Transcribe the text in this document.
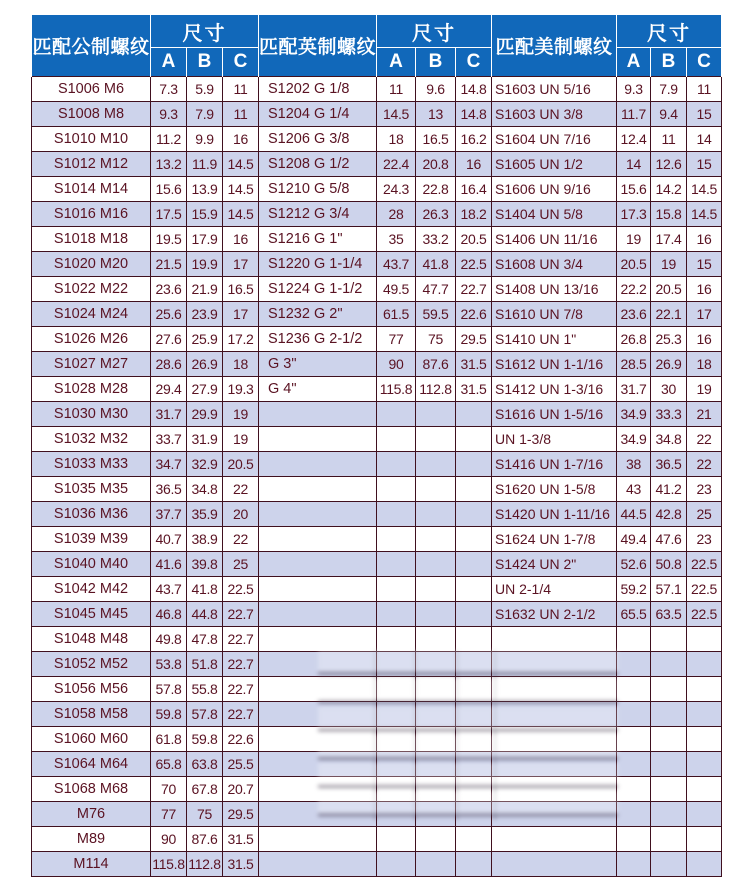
匹配公制螺纹	尺寸			匹配英制螺纹	尺寸			匹配美制螺纹	尺寸		
	A	B	C		A	B	C		A	B	C
S1006 M6	7.3	5.9	11	S1202 G 1/8	11	9.6	14.8	S1603 UN 5/16	9.3	7.9	11
S1008 M8	9.3	7.9	11	S1204 G 1/4	14.5	13	14.8	S1603 UN 3/8	11.7	9.4	15
S1010 M10	11.2	9.9	16	S1206 G 3/8	18	16.5	16.2	S1604 UN 7/16	12.4	11	14
S1012 M12	13.2	11.9	14.5	S1208 G 1/2	22.4	20.8	16	S1605 UN 1/2	14	12.6	15
S1014 M14	15.6	13.9	14.5	S1210 G 5/8	24.3	22.8	16.4	S1606 UN 9/16	15.6	14.2	14.5
S1016 M16	17.5	15.9	14.5	S1212 G 3/4	28	26.3	18.2	S1404 UN 5/8	17.3	15.8	14.5
S1018 M18	19.5	17.9	16	S1216 G 1"	35	33.2	20.5	S1406 UN 11/16	19	17.4	16
S1020 M20	21.5	19.9	17	S1220 G 1-1/4	43.7	41.8	22.5	S1608 UN 3/4	20.5	19	15
S1022 M22	23.6	21.9	16.5	S1224 G 1-1/2	49.5	47.7	22.7	S1408 UN 13/16	22.2	20.5	16
S1024 M24	25.6	23.9	17	S1232 G 2"	61.5	59.5	22.6	S1610 UN 7/8	23.6	22.1	17
S1026 M26	27.6	25.9	17.2	S1236 G 2-1/2	77	75	29.5	S1410 UN 1"	26.8	25.3	16
S1027 M27	28.6	26.9	18	G 3"	90	87.6	31.5	S1612 UN 1-1/16	28.5	26.9	18
S1028 M28	29.4	27.9	19.3	G 4"	115.8	112.8	31.5	S1412 UN 1-3/16	31.7	30	19
S1030 M30	31.7	29.9	19					S1616 UN 1-5/16	34.9	33.3	21
S1032 M32	33.7	31.9	19					UN 1-3/8	34.9	34.8	22
S1033 M33	34.7	32.9	20.5					S1416 UN 1-7/16	38	36.5	22
S1035 M35	36.5	34.8	22					S1620 UN 1-5/8	43	41.2	23
S1036 M36	37.7	35.9	20					S1420 UN 1-11/16	44.5	42.8	25
S1039 M39	40.7	38.9	22					S1624 UN 1-7/8	49.4	47.6	23
S1040 M40	41.6	39.8	25					S1424 UN 2"	52.6	50.8	22.5
S1042 M42	43.7	41.8	22.5					UN 2-1/4	59.2	57.1	22.5
S1045 M45	46.8	44.8	22.7					S1632 UN 2-1/2	65.5	63.5	22.5
S1048 M48	49.8	47.8	22.7								
S1052 M52	53.8	51.8	22.7								
S1056 M56	57.8	55.8	22.7								
S1058 M58	59.8	57.8	22.7								
S1060 M60	61.8	59.8	22.6								
S1064 M64	65.8	63.8	25.5								
S1068 M68	70	67.8	20.7								
M76	77	75	29.5								
M89	90	87.6	31.5								
M114	115.8	112.8	31.5								
